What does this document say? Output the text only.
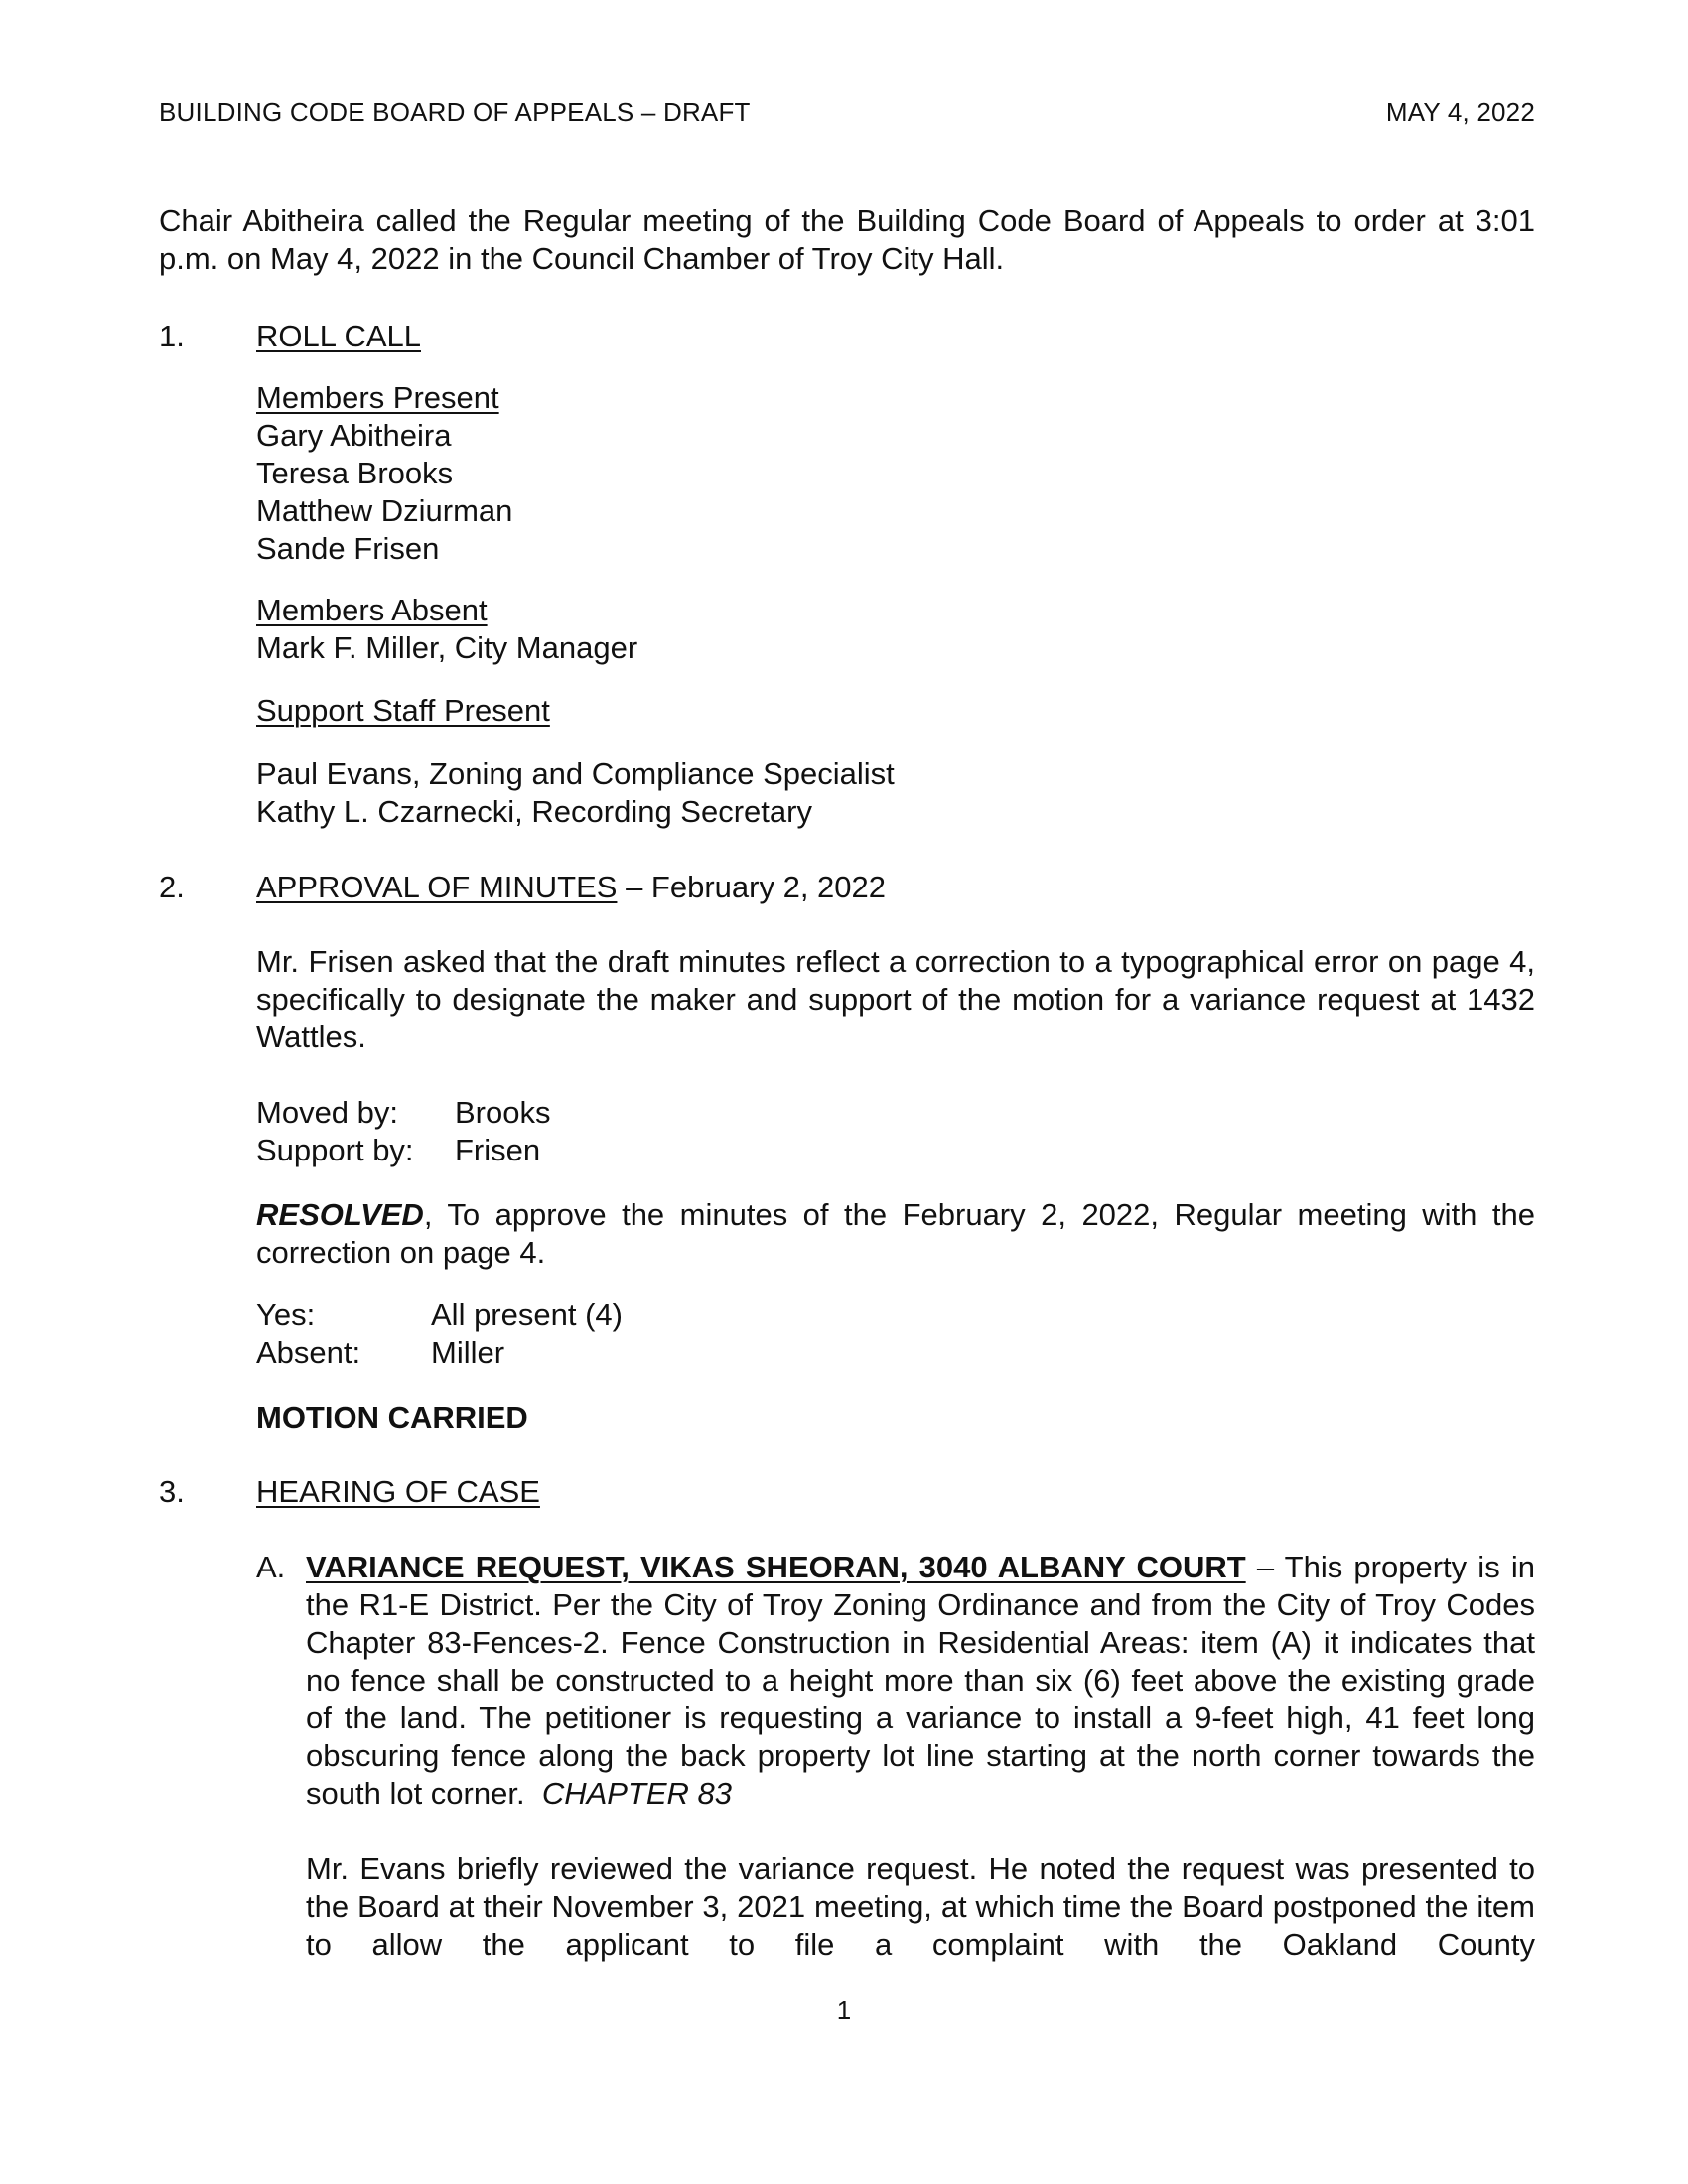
BUILDING CODE BOARD OF APPEALS – DRAFT	MAY 4, 2022
Chair Abitheira called the Regular meeting of the Building Code Board of Appeals to order at 3:01 p.m. on May 4, 2022 in the Council Chamber of Troy City Hall.
1.	ROLL CALL
Members Present
Gary Abitheira
Teresa Brooks
Matthew Dziurman
Sande Frisen
Members Absent
Mark F. Miller, City Manager
Support Staff Present
Paul Evans, Zoning and Compliance Specialist
Kathy L. Czarnecki, Recording Secretary
2.	APPROVAL OF MINUTES – February 2, 2022
Mr. Frisen asked that the draft minutes reflect a correction to a typographical error on page 4, specifically to designate the maker and support of the motion for a variance request at 1432 Wattles.
Moved by:	Brooks
Support by:	Frisen
RESOLVED, To approve the minutes of the February 2, 2022, Regular meeting with the correction on page 4.
Yes:	All present (4)
Absent:	Miller
MOTION CARRIED
3.	HEARING OF CASE
A. VARIANCE REQUEST, VIKAS SHEORAN, 3040 ALBANY COURT – This property is in the R1-E District. Per the City of Troy Zoning Ordinance and from the City of Troy Codes Chapter 83-Fences-2. Fence Construction in Residential Areas: item (A) it indicates that no fence shall be constructed to a height more than six (6) feet above the existing grade of the land. The petitioner is requesting a variance to install a 9-feet high, 41 feet long obscuring fence along the back property lot line starting at the north corner towards the south lot corner. CHAPTER 83
Mr. Evans briefly reviewed the variance request. He noted the request was presented to the Board at their November 3, 2021 meeting, at which time the Board postponed the item to allow the applicant to file a complaint with the Oakland County
1
